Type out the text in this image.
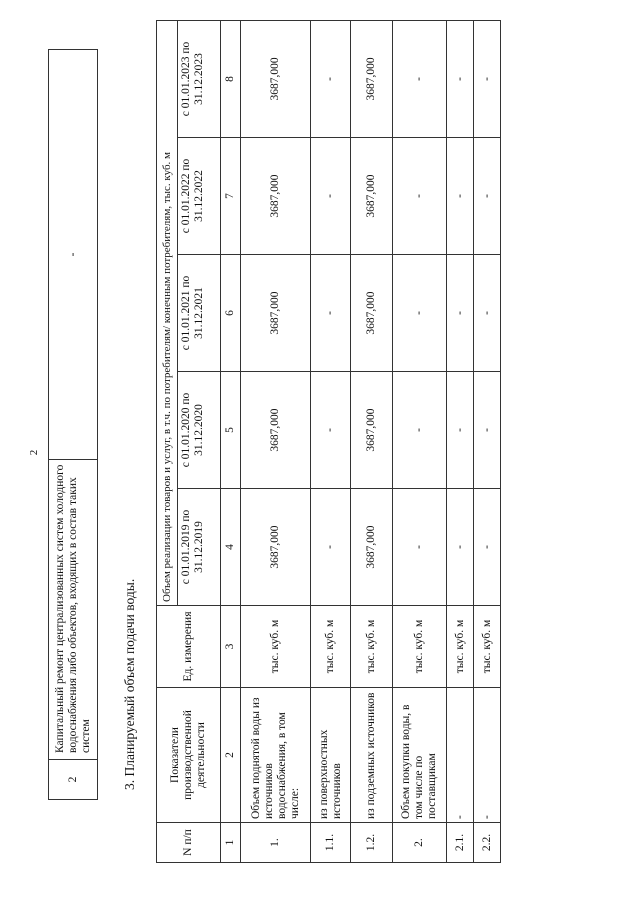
2
2	
Капитальный ремонт централизованных систем холодного водоснабжения либо объектов, входящих в состав таких систем
	-
3. Планируемый объем подачи воды.
N п/п	Показатели производственной деятельности	Ед. измерения	Объем реализации товаров и услуг, в т.ч. по потребителям/ конечным потребителям, тыс. куб. м				
			с 01.01.2019 по 31.12.2019	с 01.01.2020 по 31.12.2020	с 01.01.2021 по 31.12.2021	с 01.01.2022 по 31.12.2022	с 01.01.2023 по 31.12.2023
1	2	3	4	5	6	7	8
1.	Объем поднятой воды из источников водоснабжения, в том числе:	тыс. куб. м	3687,000	3687,000	3687,000	3687,000	3687,000
1.1.	из поверхностных источников	тыс. куб. м	-	-	-	-	-
1.2.	из подземных источников	тыс. куб. м	3687,000	3687,000	3687,000	3687,000	3687,000
2.	Объем покупки воды, в том числе по поставщикам	тыс. куб. м	-	-	-	-	-
2.1.	-	тыс. куб. м	-	-	-	-	-
2.2.	-	тыс. куб. м	-	-	-	-	-
